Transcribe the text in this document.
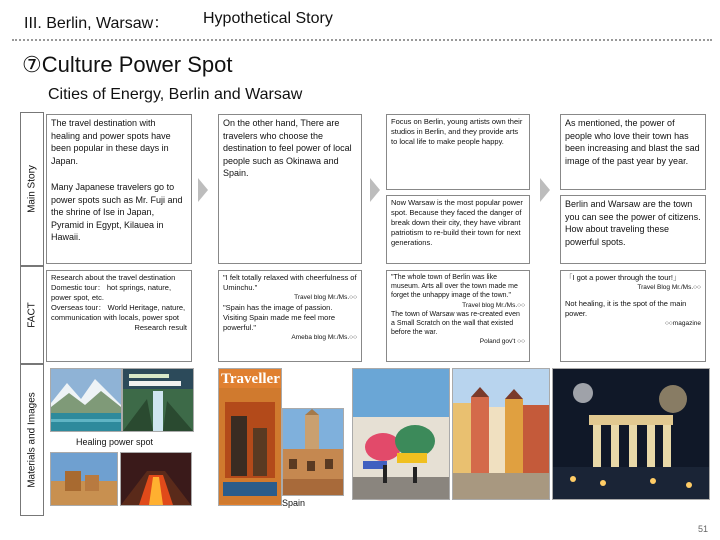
III. Berlin, Warsaw： Hypothetical Story
⑦Culture Power Spot
Cities of Energy, Berlin and Warsaw
Main Story
FACT
Materials and Images
The travel destination with healing and power spots have been popular in these days in Japan.
Many Japanese travelers go to power spots such as Mr. Fuji and the shrine of Ise in Japan, Pyramid in Egypt, Kilauea in Hawaii.
On the other hand, There are travelers who choose the destination to feel power of local people such as Okinawa and Spain.
Focus on Berlin, young artists own their studios in Berlin, and they provide arts to local life to make people happy.
Now Warsaw is the most popular power spot. Because they faced the danger of break down their city, they have vibrant patriotism to re-build their town for next generations.
As mentioned, the power of people who love their town has been increasing and blast the sad image of the past year by year.
Berlin and Warsaw are the town you can see the power of citizens. How about traveling these powerful spots.
Research about the travel destination
Domestic tour： hot springs, nature, power spot, etc.
Overseas tour： World Heritage, nature, communication with locals, power spot
Research result
"I felt totally relaxed with cheerfulness of Uminchu."
Travel blog Mr./Ms.○○
"Spain has the image of passion. Visiting Spain made me feel more powerful."
Ameba blog Mr./Ms.○○
"The whole town of Berlin was like museum. Arts all over the town made me forget the unhappy image of the town."
Travel blog Mr./Ms.○○
The town of Warsaw was re-created even a Small Scratch on the wall that existed before the war.
Poland gov't ○○
「I got a power through the tour!」
Travel Blog Mr./Ms.○○
Not healing, it is the spot of the main power.
○○magazine
Traveller
Spain
Healing power spot
51
